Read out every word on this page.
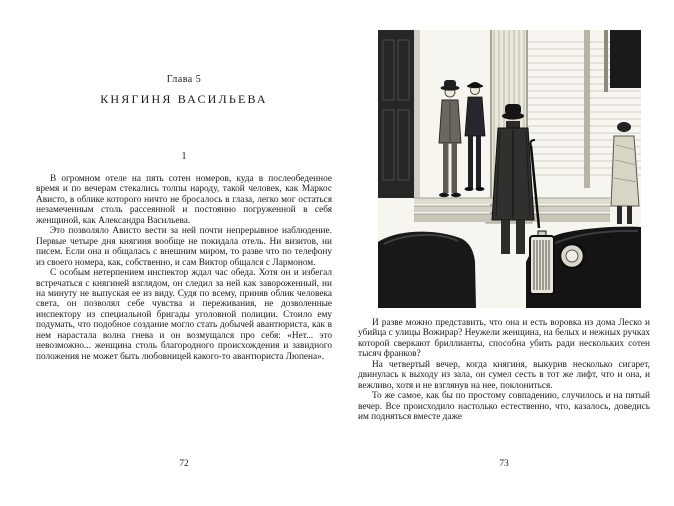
Глава 5
КНЯГИНЯ ВАСИЛЬЕВА
1

В огромном отеле на пять сотен номеров, куда в послеобеденное время и по вечерам стекались толпы народу, такой человек, как Маркос Ависто, в облике которого ничто не бросалось в глаза, легко мог остаться незамеченным столь рассеянной и постоянно погруженной в себя женщиной, как Александра Васильева.

Это позволяло Ависто вести за ней почти непрерывное наблюдение. Первые четыре дня княгиня вообще не покидала отель. Ни визитов, ни писем. Если она и общалась с внешним миром, то разве что по телефону из своего номера, как, собственно, и сам Виктор общался с Лармоном.

С особым нетерпением инспектор ждал час обеда. Хотя он и избегал встречаться с княгиней взглядом, он следил за ней как завороженный, ни на минуту не выпуская ее из виду. Судя по всему, приняв облик человека света, он позволял себе чувства и переживания, не дозволенные инспектору из специальной бригады уголовной полиции. Стоило ему подумать, что подобное создание могло стать добычей авантюриста, как в нем нарастала волна гнева и он возмущался про себя: «Нет... это невозможно... женщина столь благородного происхождения и завидного положения не может быть любовницей какого-то авантюриста Люпена».

И разве можно представить, что она и есть воровка из дома Леско и убийца с улицы Вожирар? Неужели женщина, на белых и нежных ручках которой сверкают бриллианты, способна убить ради нескольких сотен тысяч франков?

На четвертый вечер, когда княгиня, выкурив несколько сигарет, двинулась к выходу из зала, он сумел сесть в тот же лифт, что и она, и вежливо, хотя и не взглянув на нее, поклониться.

То же самое, как бы по простому совпадению, случилось и на пятый вечер. Все происходило настолько естественно, что, казалось, доведись им подняться вместе даже

72	73
